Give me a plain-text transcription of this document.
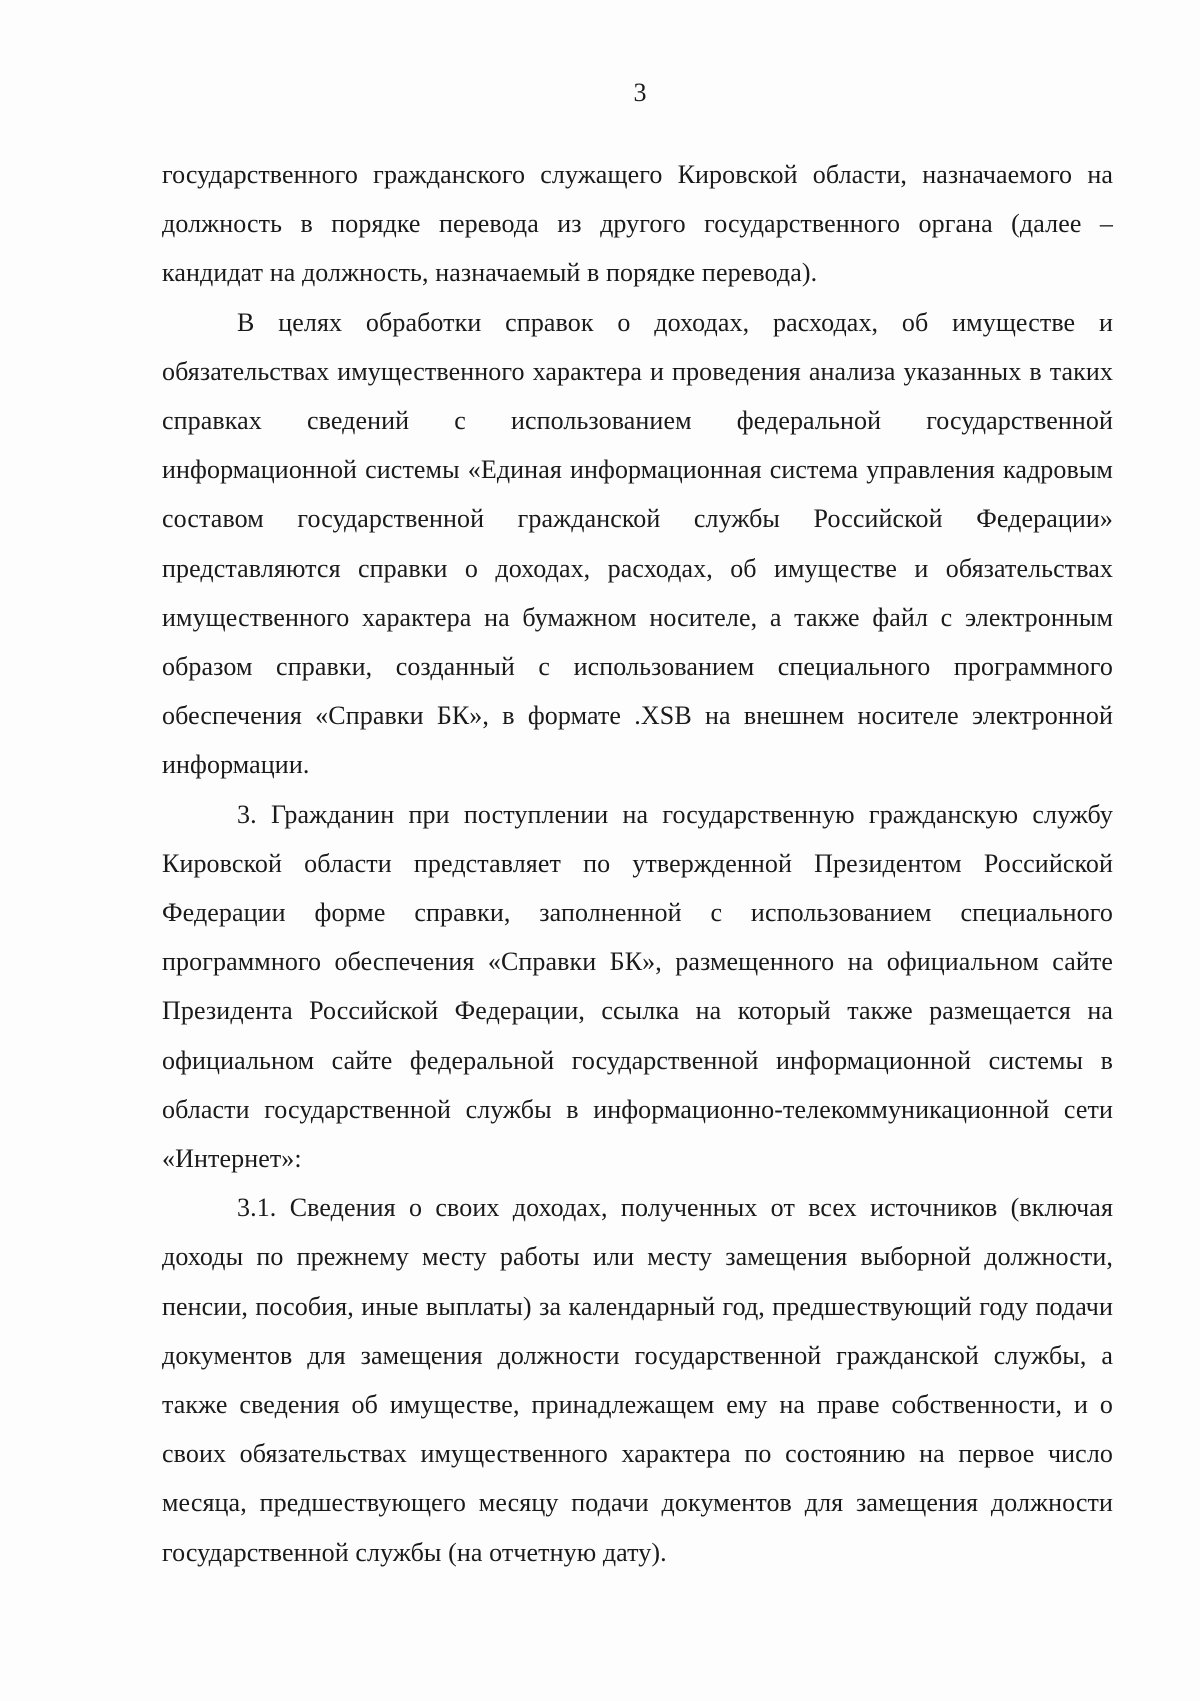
3

государственного гражданского служащего Кировской области, назначаемого на должность в порядке перевода из другого государственного органа (далее – кандидат на должность, назначаемый в порядке перевода).

В целях обработки справок о доходах, расходах, об имуществе и обязательствах имущественного характера и проведения анализа указанных в таких справках сведений с использованием федеральной государственной информационной системы «Единая информационная система управления кадровым составом государственной гражданской службы Российской Федерации» представляются справки о доходах, расходах, об имуществе и обязательствах имущественного характера на бумажном носителе, а также файл с электронным образом справки, созданный с использованием специального программного обеспечения «Справки БК», в формате .XSB на внешнем носителе электронной информации.

3. Гражданин при поступлении на государственную гражданскую службу Кировской области представляет по утвержденной Президентом Российской Федерации форме справки, заполненной с использованием специального программного обеспечения «Справки БК», размещенного на официальном сайте Президента Российской Федерации, ссылка на который также размещается на официальном сайте федеральной государственной информационной системы в области государственной службы в информационно-телекоммуникационной сети «Интернет»:

3.1. Сведения о своих доходах, полученных от всех источников (включая доходы по прежнему месту работы или месту замещения выборной должности, пенсии, пособия, иные выплаты) за календарный год, предшествующий году подачи документов для замещения должности государственной гражданской службы, а также сведения об имуществе, принадлежащем ему на праве собственности, и о своих обязательствах имущественного характера по состоянию на первое число месяца, предшествующего месяцу подачи документов для замещения должности государственной службы (на отчетную дату).
